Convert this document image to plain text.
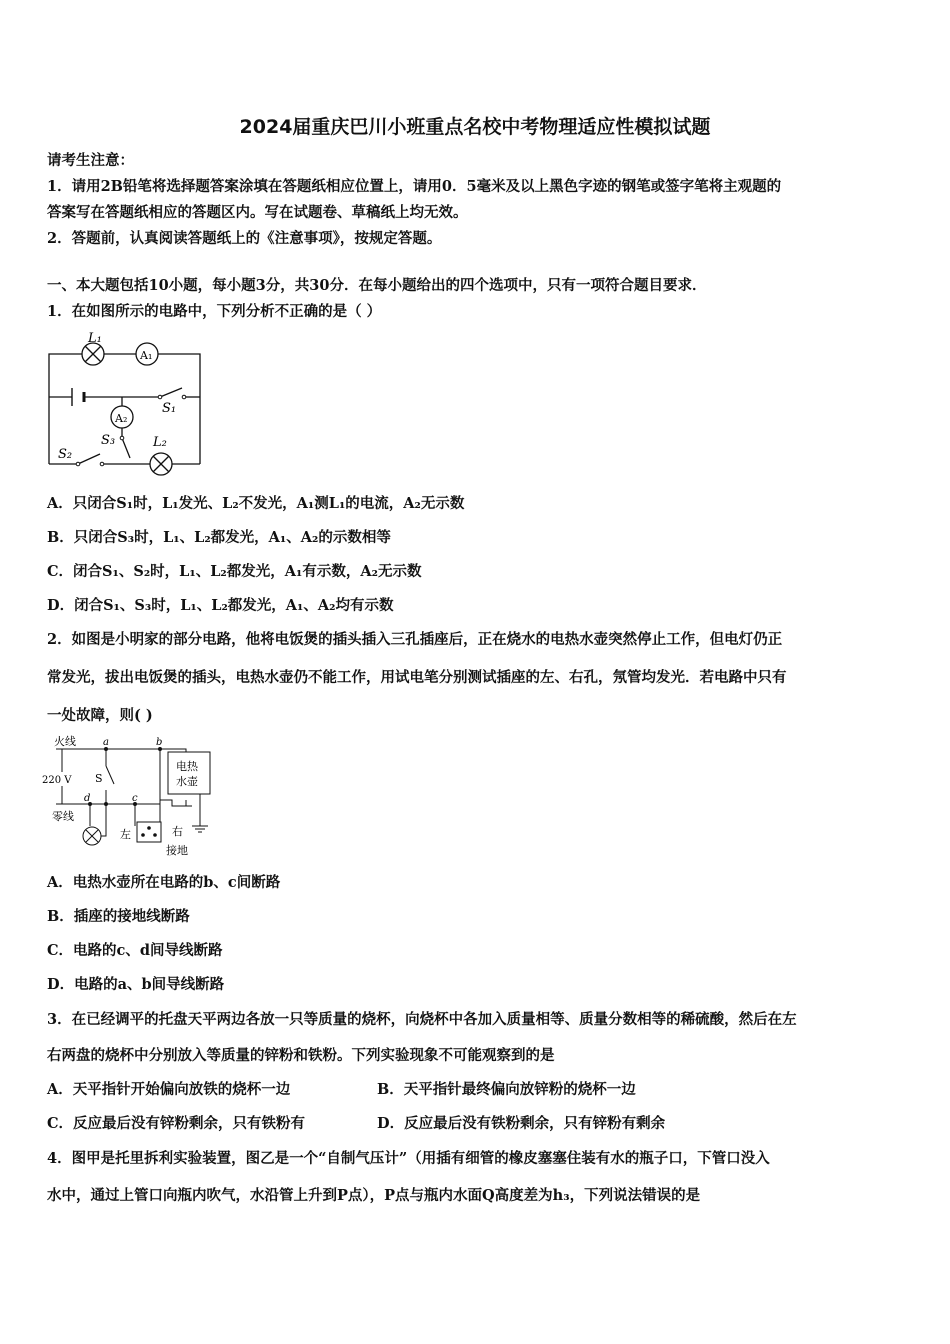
2024届重庆巴川小班重点名校中考物理适应性模拟试题
请考生注意：
1．请用2B铅笔将选择题答案涂填在答题纸相应位置上，请用0．5毫米及以上黑色字迹的钢笔或签字笔将主观题的
答案写在答题纸相应的答题区内。写在试题卷、草稿纸上均无效。
2．答题前，认真阅读答题纸上的《注意事项》，按规定答题。
一、本大题包括10小题，每小题3分，共30分．在每小题给出的四个选项中，只有一项符合题目要求．
1．在如图所示的电路中，下列分析不正确的是（ ）
L₁
A₁
A₂
S₁
S₃	L₂
S₂
A．只闭合S₁时，L₁发光、L₂不发光，A₁测L₁的电流，A₂无示数
B．只闭合S₃时，L₁、L₂都发光，A₁、A₂的示数相等
C．闭合S₁、S₂时，L₁、L₂都发光，A₁有示数，A₂无示数
D．闭合S₁、S₃时，L₁、L₂都发光，A₁、A₂均有示数
2．如图是小明家的部分电路，他将电饭煲的插头插入三孔插座后，正在烧水的电热水壶突然停止工作，但电灯仍正
常发光，拔出电饭煲的插头，电热水壶仍不能工作，用试电笔分别测试插座的左、右孔，氖管均发光．若电路中只有
一处故障，则( )
火线	a	b
220 V S
电热
水壶
d	c
零线
左	右
接地
A．电热水壶所在电路的b、c间断路
B．插座的接地线断路
C．电路的c、d间导线断路
D．电路的a、b间导线断路
3．在已经调平的托盘天平两边各放一只等质量的烧杯，向烧杯中各加入质量相等、质量分数相等的稀硫酸，然后在左
右两盘的烧杯中分别放入等质量的锌粉和铁粉。下列实验现象不可能观察到的是
A．天平指针开始偏向放铁的烧杯一边	B．天平指针最终偏向放锌粉的烧杯一边
C．反应最后没有锌粉剩余，只有铁粉有	D．反应最后没有铁粉剩余，只有锌粉有剩余
4．图甲是托里拆利实验装置，图乙是一个“自制气压计”（用插有细管的橡皮塞塞住装有水的瓶子口，下管口没入
水中，通过上管口向瓶内吹气，水沿管上升到P点），P点与瓶内水面Q高度差为h₃，下列说法错误的是
